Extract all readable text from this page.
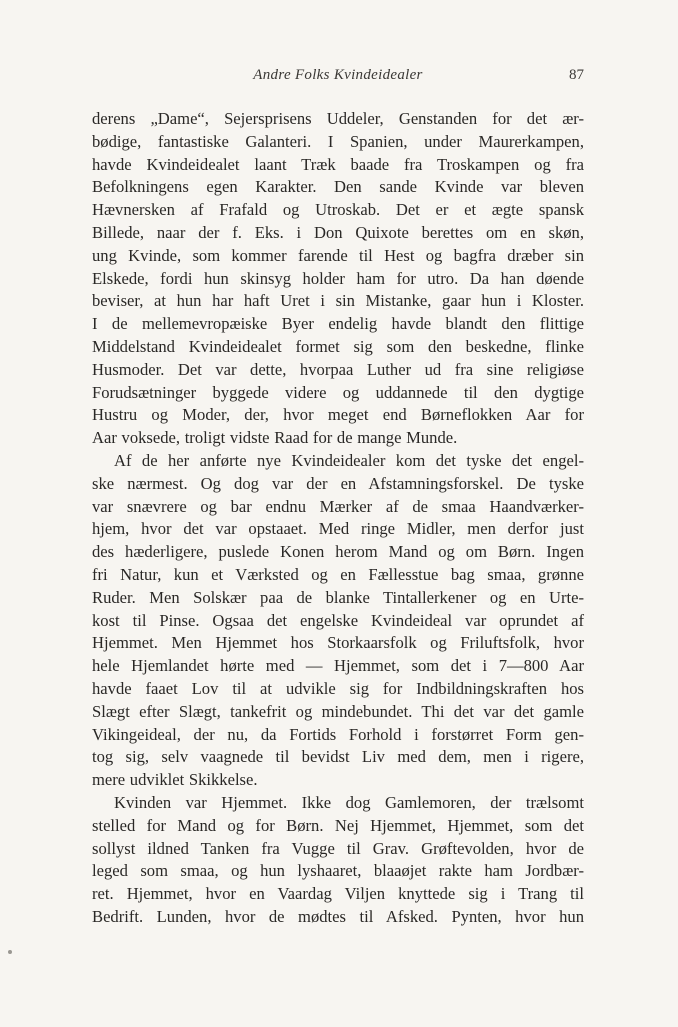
Andre Folks Kvindeidealer	87
derens „Dame“, Sejersprisens Uddeler, Genstanden for det ær-
bødige, fantastiske Galanteri. I Spanien, under Maurerkampen,
havde Kvindeidealet laant Træk baade fra Troskampen og fra
Befolkningens egen Karakter. Den sande Kvinde var bleven
Hævnersken af Frafald og Utroskab. Det er et ægte spansk
Billede, naar der f. Eks. i Don Quixote berettes om en skøn,
ung Kvinde, som kommer farende til Hest og bagfra dræber sin
Elskede, fordi hun skinsyg holder ham for utro. Da han døende
beviser, at hun har haft Uret i sin Mistanke, gaar hun i Kloster.
I de mellemevropæiske Byer endelig havde blandt den flittige
Middelstand Kvindeidealet formet sig som den beskedne, flinke
Husmoder. Det var dette, hvorpaa Luther ud fra sine religiøse
Forudsætninger byggede videre og uddannede til den dygtige
Hustru og Moder, der, hvor meget end Børneflokken Aar for
Aar voksede, troligt vidste Raad for de mange Munde.
Af de her anførte nye Kvindeidealer kom det tyske det engel-
ske nærmest. Og dog var der en Afstamningsforskel. De tyske
var snævrere og bar endnu Mærker af de smaa Haandværker-
hjem, hvor det var opstaaet. Med ringe Midler, men derfor just
des hæderligere, puslede Konen herom Mand og om Børn. Ingen
fri Natur, kun et Værksted og en Fællesstue bag smaa, grønne
Ruder. Men Solskær paa de blanke Tintallerkener og en Urte-
kost til Pinse. Ogsaa det engelske Kvindeideal var oprundet af
Hjemmet. Men Hjemmet hos Storkaarsfolk og Friluftsfolk, hvor
hele Hjemlandet hørte med — Hjemmet, som det i 7—800 Aar
havde faaet Lov til at udvikle sig for Indbildningskraften hos
Slægt efter Slægt, tankefrit og mindebundet. Thi det var det gamle
Vikingeideal, der nu, da Fortids Forhold i forstørret Form gen-
tog sig, selv vaagnede til bevidst Liv med dem, men i rigere,
mere udviklet Skikkelse.
Kvinden var Hjemmet. Ikke dog Gamlemoren, der trælsomt
stelled for Mand og for Børn. Nej Hjemmet, Hjemmet, som det
sollyst ildned Tanken fra Vugge til Grav. Grøftevolden, hvor de
leged som smaa, og hun lyshaaret, blaaøjet rakte ham Jordbær-
ret. Hjemmet, hvor en Vaardag Viljen knyttede sig i Trang til
Bedrift. Lunden, hvor de mødtes til Afsked. Pynten, hvor hun
